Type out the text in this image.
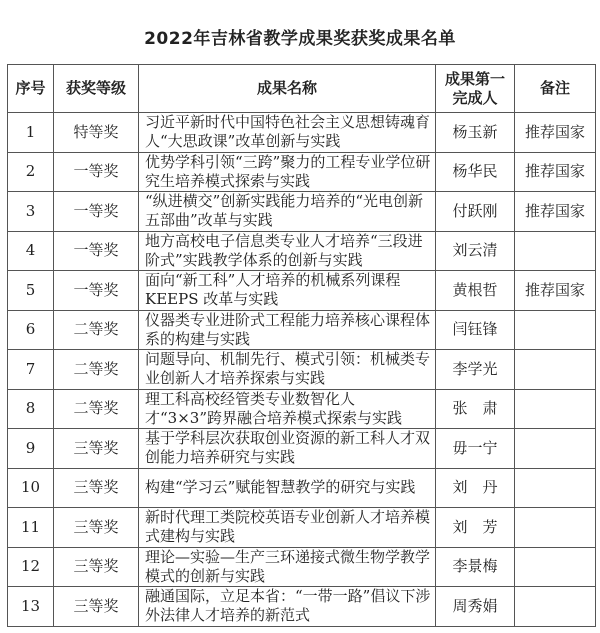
2022年吉林省教学成果奖获奖成果名单
序号	获奖等级	成果名称	成果第一完成人	备注
1	特等奖	习近平新时代中国特色社会主义思想铸魂育人“大思政课”改革创新与实践	杨玉新	推荐国家
2	一等奖	优势学科引领“三跨”聚力的工程专业学位研究生培养模式探索与实践	杨华民	推荐国家
3	一等奖	“纵进横交”创新实践能力培养的“光电创新五部曲”改革与实践	付跃刚	推荐国家
4	一等奖	地方高校电子信息类专业人才培养“三段进阶式”实践教学体系的创新与实践	刘云清	
5	一等奖	面向“新工科”人才培养的机械系列课程KEEPS 改革与实践	黄根哲	推荐国家
6	二等奖	仪器类专业进阶式工程能力培养核心课程体系的构建与实践	闫钰锋	
7	二等奖	问题导向、机制先行、模式引领：机械类专业创新人才培养探索与实践	李学光	
8	二等奖	理工科高校经管类专业数智化人才“3×3”跨界融合培养模式探索与实践	张　肃	
9	三等奖	基于学科层次获取创业资源的新工科人才双创能力培养研究与实践	毋一宁	
10	三等奖	构建“学习云”赋能智慧教学的研究与实践	刘　丹	
11	三等奖	新时代理工类院校英语专业创新人才培养模式建构与实践	刘　芳	
12	三等奖	理论—实验—生产三环递接式微生物学教学模式的创新与实践	李景梅	
13	三等奖	融通国际，立足本省：“一带一路”倡议下涉外法律人才培养的新范式	周秀娟	
